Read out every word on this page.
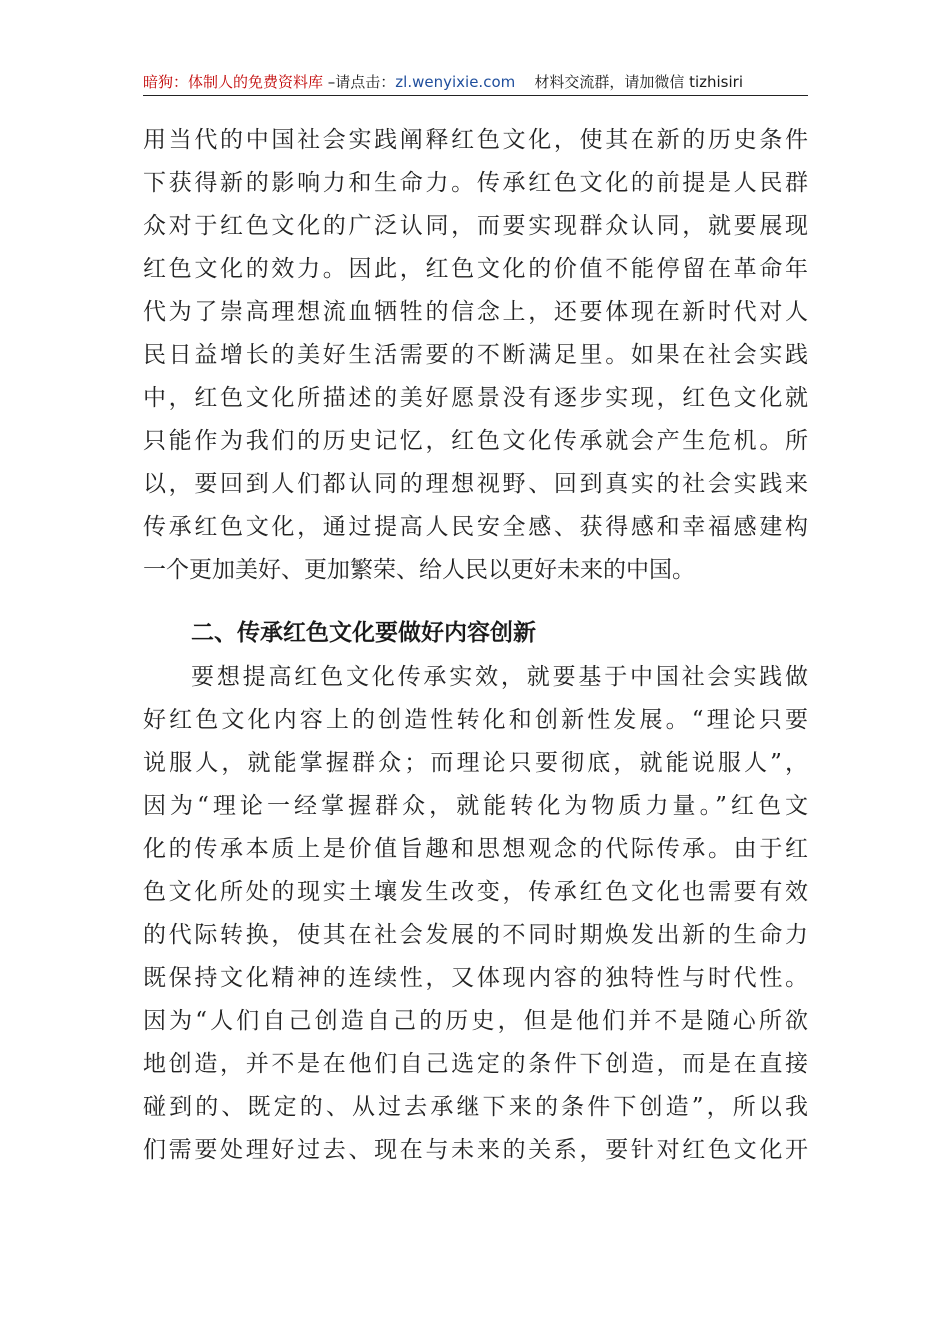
暗狗：体制人的免费资料库 –请点击：zl.wenyixie.com 材料交流群，请加微信 tizhisiri
用当代的中国社会实践阐释红色文化，使其在新的历史条件
下获得新的影响力和生命力。传承红色文化的前提是人民群
众对于红色文化的广泛认同，而要实现群众认同，就要展现
红色文化的效力。因此，红色文化的价值不能停留在革命年
代为了崇高理想流血牺牲的信念上，还要体现在新时代对人
民日益增长的美好生活需要的不断满足里。如果在社会实践
中，红色文化所描述的美好愿景没有逐步实现，红色文化就
只能作为我们的历史记忆，红色文化传承就会产生危机。所
以，要回到人们都认同的理想视野、回到真实的社会实践来
传承红色文化，通过提高人民安全感、获得感和幸福感建构
一个更加美好、更加繁荣、给人民以更好未来的中国。
二、传承红色文化要做好内容创新
要想提高红色文化传承实效，就要基于中国社会实践做
好红色文化内容上的创造性转化和创新性发展。“理论只要
说服人，就能掌握群众；而理论只要彻底，就能说服人”，
因为“理论一经掌握群众，就能转化为物质力量。”红色文
化的传承本质上是价值旨趣和思想观念的代际传承。由于红
色文化所处的现实土壤发生改变，传承红色文化也需要有效
的代际转换，使其在社会发展的不同时期焕发出新的生命力
既保持文化精神的连续性，又体现内容的独特性与时代性。
因为“人们自己创造自己的历史，但是他们并不是随心所欲
地创造，并不是在他们自己选定的条件下创造，而是在直接
碰到的、既定的、从过去承继下来的条件下创造”，所以我
们需要处理好过去、现在与未来的关系，要针对红色文化开
